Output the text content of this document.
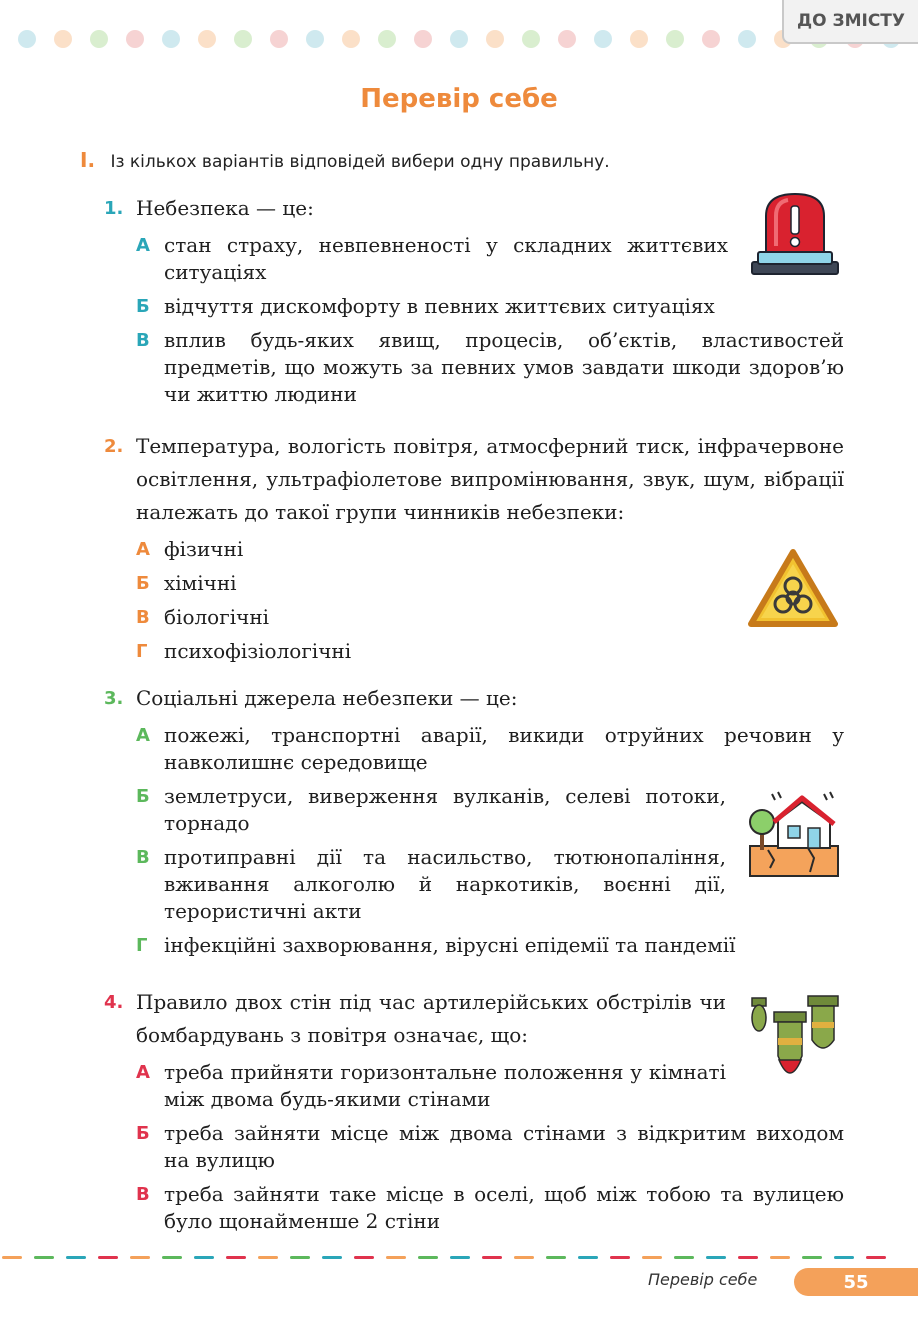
ДО ЗМІСТУ
Перевір себе
І. Із кількох варіантів відповідей вибери одну правильну.
1. Небезпека — це:
А стан страху, невпевненості у складних життєвих ситуаціях
Б відчуття дискомфорту в певних життєвих ситуаціях
В вплив будь-яких явищ, процесів, об’єктів, властивостей предметів, що можуть за певних умов завдати шкоди здоров’ю чи життю людини
2. Температура, вологість повітря, атмосферний тиск, інфрачервоне освітлення, ультрафіолетове випромінювання, звук, шум, вібрації належать до такої групи чинників небезпеки:
А фізичні
Б хімічні
В біологічні
Г психофізіологічні
3. Соціальні джерела небезпеки — це:
А пожежі, транспортні аварії, викиди отруйних речовин у навколишнє середовище
Б землетруси, виверження вулканів, селеві потоки, торнадо
В протиправні дії та насильство, тютюнопаління, вживання алкоголю й наркотиків, воєнні дії, терористичні акти
Г інфекційні захворювання, вірусні епідемії та пандемії
4. Правило двох стін під час артилерійських обстрілів чи бомбардувань з повітря означає, що:
А треба прийняти горизонтальне положення у кімнаті між двома будь-якими стінами
Б треба зайняти місце між двома стінами з відкритим виходом на вулицю
В треба зайняти таке місце в оселі, щоб між тобою та вулицею було щонайменше 2 стіни
Перевір себе	55
